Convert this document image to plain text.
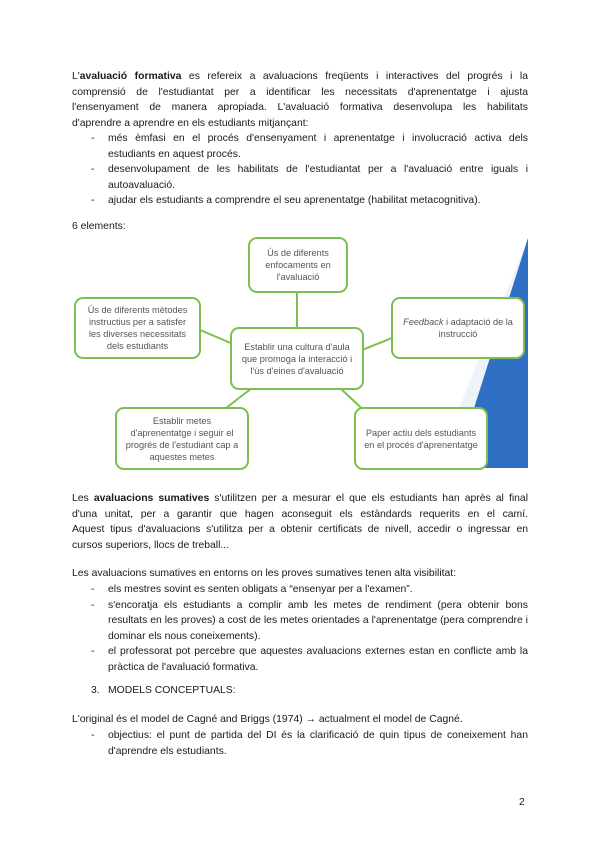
L'avaluació formativa es refereix a avaluacions freqüents i interactives del progrés i la
comprensió de l'estudiantat per a identificar les necessitats d'aprenentatge i ajusta
l'ensenyament de manera apropiada. L'avaluació formativa desenvolupa les habilitats
d'aprendre a aprendre en els estudiants mitjançant:
- més èmfasi en el procés d'ensenyament i aprenentatge i involucració activa dels estudiants en aquest procés.
- desenvolupament de les habilitats de l'estudiantat per a l'avaluació entre iguals i autoavaluació.
- ajudar els estudiants a comprendre el seu aprenentatge (habilitat metacognitiva).
6 elements:
Ús de diferents enfocaments en l'avaluació
Ús de diferents mètodes instructius per a satisfer les diverses necessitats dels estudiants
Feedback i adaptació de la instrucció
Establir una cultura d'aula que promoga la interacció i l'ús d'eines d'avaluació
Establir metes d'aprenentatge i seguir el progrés de l'estudiant cap a aquestes metes
Paper actiu dels estudiants en el procés d'aprenentatge
Les avaluacions sumatives s'utilitzen per a mesurar el que els estudiants han après al final
d'una unitat, per a garantir que hagen aconseguit els estàndards requerits en el camí.
Aquest tipus d'avaluacions s'utilitza per a obtenir certificats de nivell, accedir o ingressar en
cursos superiors, llocs de treball...
Les avaluacions sumatives en entorns on les proves sumatives tenen alta visibilitat:
- els mestres sovint es senten obligats a “ensenyar per a l'examen”.
- s'encoratja els estudiants a complir amb les metes de rendiment (pera obtenir bons resultats en les proves) a cost de les metes orientades a l'aprenentatge (pera comprendre i dominar els nous coneixements).
- el professorat pot percebre que aquestes avaluacions externes estan en conflicte amb la pràctica de l'avaluació formativa.
3. MODELS CONCEPTUALS:
L'original és el model de Cagné and Briggs (1974) → actualment el model de Cagné.
- objectius: el punt de partida del DI és la clarificació de quin tipus de coneixement han d'aprendre els estudiants.
2
